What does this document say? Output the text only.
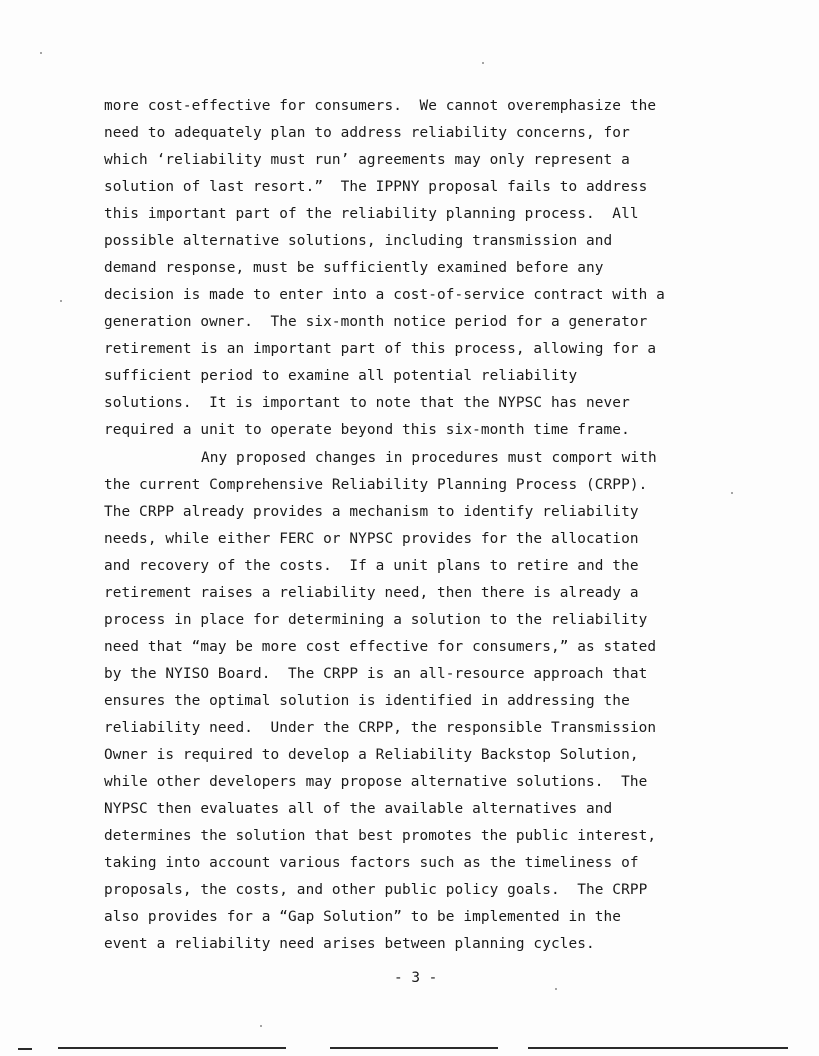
more cost-effective for consumers.  We cannot overemphasize the
need to adequately plan to address reliability concerns, for
which ‘reliability must run’ agreements may only represent a
solution of last resort.”  The IPPNY proposal fails to address
this important part of the reliability planning process.  All
possible alternative solutions, including transmission and
demand response, must be sufficiently examined before any
decision is made to enter into a cost-of-service contract with a
generation owner.  The six-month notice period for a generator
retirement is an important part of this process, allowing for a
sufficient period to examine all potential reliability
solutions.  It is important to note that the NYPSC has never
required a unit to operate beyond this six-month time frame.
Any proposed changes in procedures must comport with
the current Comprehensive Reliability Planning Process (CRPP).
The CRPP already provides a mechanism to identify reliability
needs, while either FERC or NYPSC provides for the allocation
and recovery of the costs.  If a unit plans to retire and the
retirement raises a reliability need, then there is already a
process in place for determining a solution to the reliability
need that “may be more cost effective for consumers,” as stated
by the NYISO Board.  The CRPP is an all-resource approach that
ensures the optimal solution is identified in addressing the
reliability need.  Under the CRPP, the responsible Transmission
Owner is required to develop a Reliability Backstop Solution,
while other developers may propose alternative solutions.  The
NYPSC then evaluates all of the available alternatives and
determines the solution that best promotes the public interest,
taking into account various factors such as the timeliness of
proposals, the costs, and other public policy goals.  The CRPP
also provides for a “Gap Solution” to be implemented in the
event a reliability need arises between planning cycles.
- 3 -
